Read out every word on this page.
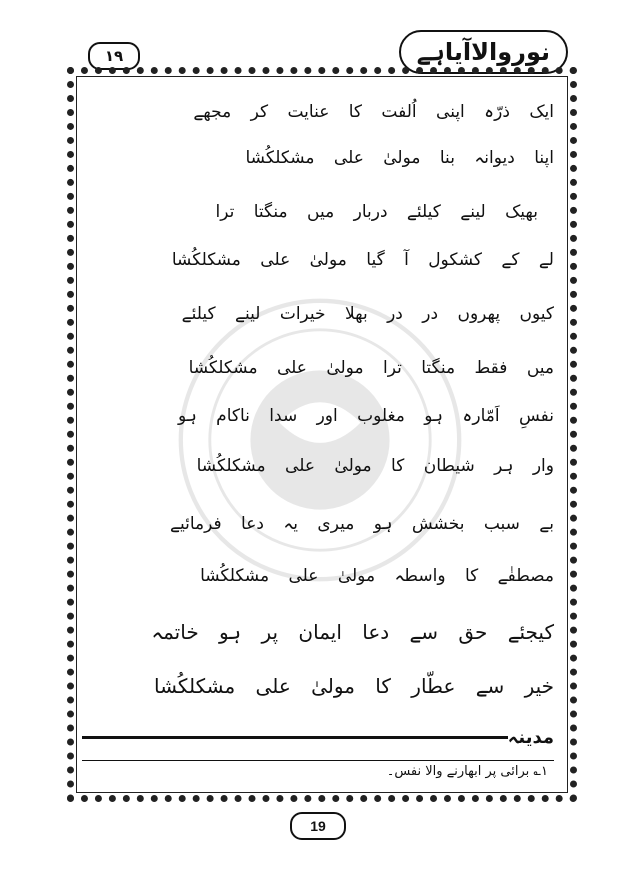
نوروالاآیاہے
۱۹
ایک ذرّہ اپنی اُلفت کا عنایت کر مجھے
اپنا دیوانہ بنا مولیٰ علی مشکلکُشا
بھیک لینے کیلئے دربار میں منگتا ترا
لے کے کشکول آ گیا مولیٰ علی مشکلکُشا
کیوں پھروں در در بھلا خیرات لینے کیلئے
میں فقط منگتا ترا مولیٰ علی مشکلکُشا
نفسِ اَمّارہ ہو مغلوب اور سدا ناکام ہو
وار ہر شیطان کا مولیٰ علی مشکلکُشا
بے سبب بخشش ہو میری یہ دعا فرمائیے
مصطفٰے کا واسطہ مولیٰ علی مشکلکُشا
کیجئے حق سے دعا ایمان پر ہو خاتمہ
خیر سے عطّار کا مولیٰ علی مشکلکُشا
مدینہ
۱؎ برائی پر ابھارنے والا نفس۔
19
